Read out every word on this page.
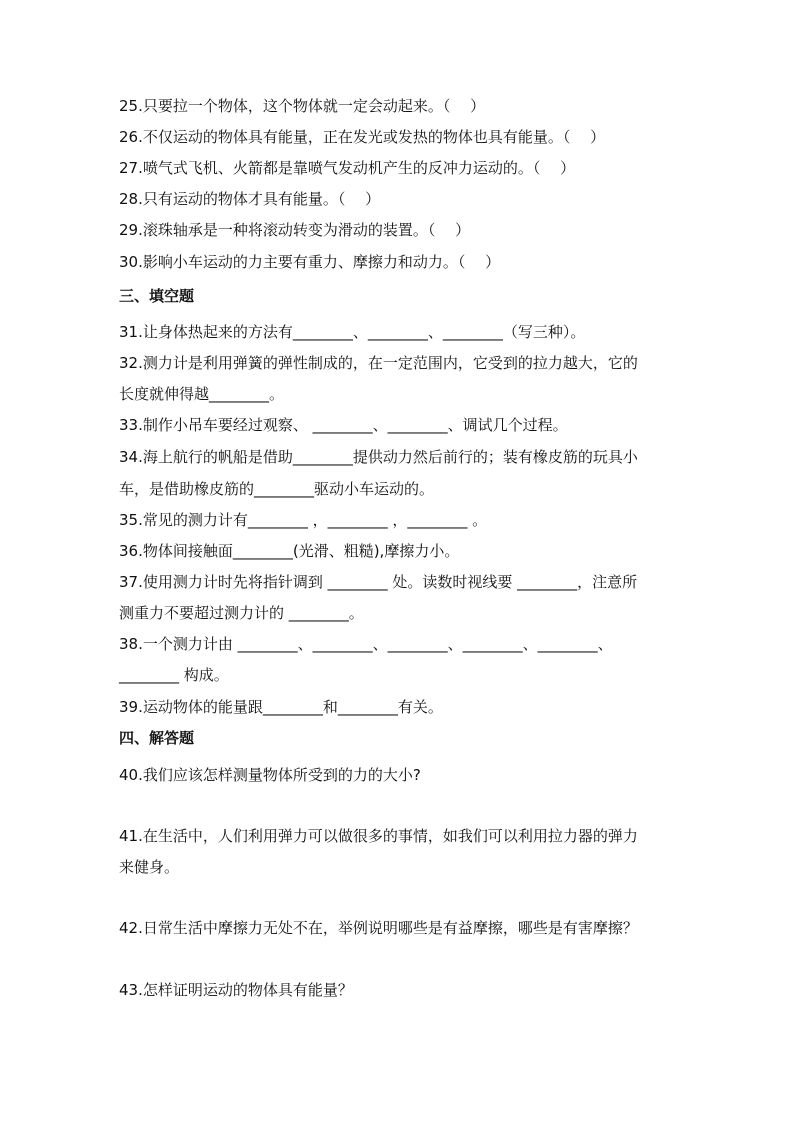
25.只要拉一个物体，这个物体就一定会动起来。（　 ）
26.不仅运动的物体具有能量，正在发光或发热的物体也具有能量。（　 ）
27.喷气式飞机、火箭都是靠喷气发动机产生的反冲力运动的。（　 ）
28.只有运动的物体才具有能量。（　 ）
29.滚珠轴承是一种将滚动转变为滑动的装置。（　 ）
30.影响小车运动的力主要有重力、摩擦力和动力。（　 ）
三、填空题
31.让身体热起来的方法有________、________、________（写三种）。
32.测力计是利用弹簧的弹性制成的，在一定范围内，它受到的拉力越大，它的
长度就伸得越________。
33.制作小吊车要经过观察、 ________、________、调试几个过程。
34.海上航行的帆船是借助________提供动力然后前行的；装有橡皮筋的玩具小
车，是借助橡皮筋的________驱动小车运动的。
35.常见的测力计有________ ，________ ，________ 。
36.物体间接触面________(光滑、粗糙),摩擦力小。
37.使用测力计时先将指针调到 ________ 处。读数时视线要 ________，注意所
测重力不要超过测力计的 ________。
38.一个测力计由 ________、________、________、________、________、
________ 构成。
39.运动物体的能量跟________和________有关。
四、解答题
40.我们应该怎样测量物体所受到的力的大小?
41.在生活中，人们利用弹力可以做很多的事情，如我们可以利用拉力器的弹力
来健身。
42.日常生活中摩擦力无处不在，举例说明哪些是有益摩擦，哪些是有害摩擦？
43.怎样证明运动的物体具有能量？
